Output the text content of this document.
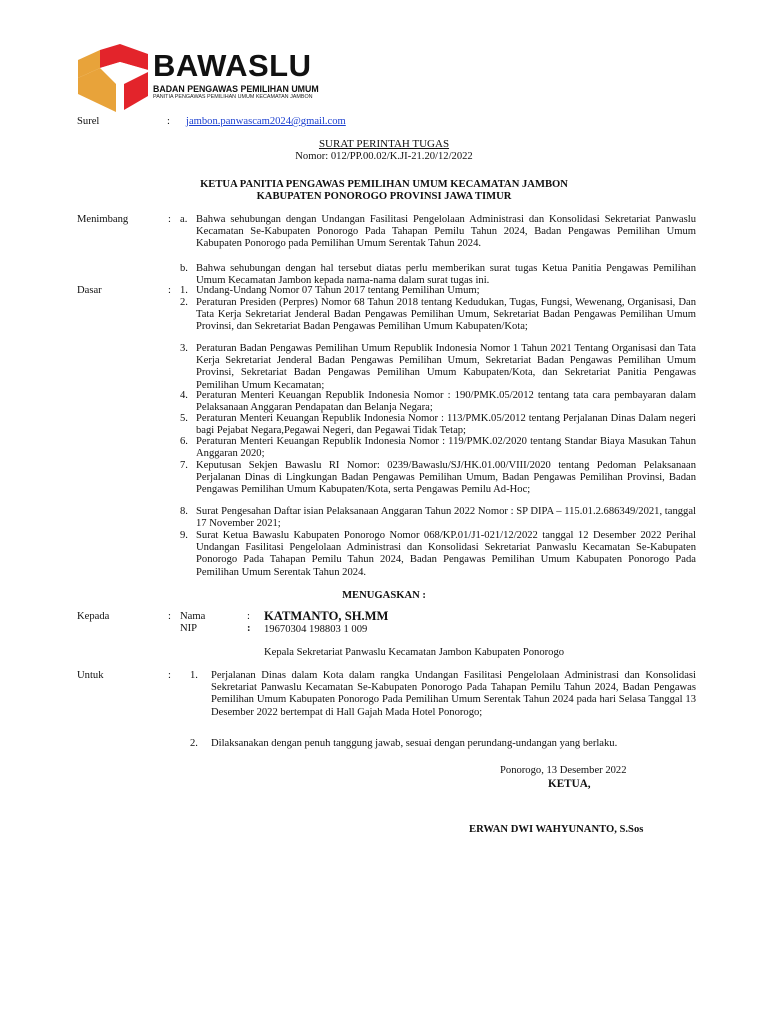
BAWASLU
BADAN PENGAWAS PEMILIHAN UMUM
PANITIA PENGAWAS PEMILIHAN UMUM KECAMATAN JAMBON
Surel	: jambon.panwascam2024@gmail.com
SURAT PERINTAH TUGAS
Nomor: 012/PP.00.02/K.JI-21.20/12/2022
KETUA PANITIA PENGAWAS PEMILIHAN UMUM KECAMATAN JAMBON
KABUPATEN PONOROGO PROVINSI JAWA TIMUR
Menimbang	: a. Bahwa sehubungan dengan Undangan Fasilitasi Pengelolaan Administrasi dan Konsolidasi Sekretariat Panwaslu Kecamatan Se-Kabupaten Ponorogo Pada Tahapan Pemilu Tahun 2024, Badan Pengawas Pemilihan Umum Kabupaten Ponorogo pada Pemilihan Umum Serentak Tahun 2024.
b. Bahwa sehubungan dengan hal tersebut diatas perlu memberikan surat tugas Ketua Panitia Pengawas Pemilihan Umum Kecamatan Jambon kepada nama-nama dalam surat tugas ini.
Dasar	: 1. Undang-Undang Nomor 07 Tahun 2017 tentang Pemilihan Umum;
2. Peraturan Presiden (Perpres) Nomor 68 Tahun 2018 tentang Kedudukan, Tugas, Fungsi, Wewenang, Organisasi, Dan Tata Kerja Sekretariat Jenderal Badan Pengawas Pemilihan Umum, Sekretariat Badan Pengawas Pemilihan Umum Provinsi, dan Sekretariat Badan Pengawas Pemilihan Umum Kabupaten/Kota;
3. Peraturan Badan Pengawas Pemilihan Umum Republik Indonesia Nomor 1 Tahun 2021 Tentang Organisasi dan Tata Kerja Sekretariat Jenderal Badan Pengawas Pemilihan Umum, Sekretariat Badan Pengawas Pemilihan Umum Provinsi, Sekretariat Badan Pengawas Pemilihan Umum Kabupaten/Kota, dan Sekretariat Panitia Pengawas Pemilihan Umum Kecamatan;
4. Peraturan Menteri Keuangan Republik Indonesia Nomor : 190/PMK.05/2012 tentang tata cara pembayaran dalam Pelaksanaan Anggaran Pendapatan dan Belanja Negara;
5. Peraturan Menteri Keuangan Republik Indonesia Nomor : 113/PMK.05/2012 tentang Perjalanan Dinas Dalam negeri bagi Pejabat Negara,Pegawai Negeri, dan Pegawai Tidak Tetap;
6. Peraturan Menteri Keuangan Republik Indonesia Nomor : 119/PMK.02/2020 tentang Standar Biaya Masukan Tahun Anggaran 2020;
7. Keputusan Sekjen Bawaslu RI Nomor: 0239/Bawaslu/SJ/HK.01.00/VIII/2020 tentang Pedoman Pelaksanaan Perjalanan Dinas di Lingkungan Badan Pengawas Pemilihan Umum, Badan Pengawas Pemilihan Provinsi, Badan Pengawas Pemilihan Umum Kabupaten/Kota, serta Pengawas Pemilu Ad-Hoc;
8. Surat Pengesahan Daftar isian Pelaksanaan Anggaran Tahun 2022 Nomor : SP DIPA – 115.01.2.686349/2021, tanggal 17 November 2021;
9. Surat Ketua Bawaslu Kabupaten Ponorogo Nomor 068/KP.01/J1-021/12/2022 tanggal 12 Desember 2022 Perihal Undangan Fasilitasi Pengelolaan Administrasi dan Konsolidasi Sekretariat Panwaslu Kecamatan Se-Kabupaten Ponorogo Pada Tahapan Pemilu Tahun 2024, Badan Pengawas Pemilihan Umum Kabupaten Ponorogo Pada Pemilihan Umum Serentak Tahun 2024.
MENUGASKAN :
Kepada	: Nama	: KATMANTO, SH.MM
NIP	: 19670304 198803 1 009
Kepala Sekretariat Panwaslu Kecamatan Jambon Kabupaten Ponorogo
Untuk	: 1. Perjalanan Dinas dalam Kota dalam rangka Undangan Fasilitasi Pengelolaan Administrasi dan Konsolidasi Sekretariat Panwaslu Kecamatan Se-Kabupaten Ponorogo Pada Tahapan Pemilu Tahun 2024, Badan Pengawas Pemilihan Umum Kabupaten Ponorogo Pada Pemilihan Umum Serentak Tahun 2024 pada hari Selasa Tanggal 13 Desember 2022 bertempat di Hall Gajah Mada Hotel Ponorogo;
2. Dilaksanakan dengan penuh tanggung jawab, sesuai dengan perundang-undangan yang berlaku.
Ponorogo, 13 Desember 2022
KETUA,
ERWAN DWI WAHYUNANTO, S.Sos
